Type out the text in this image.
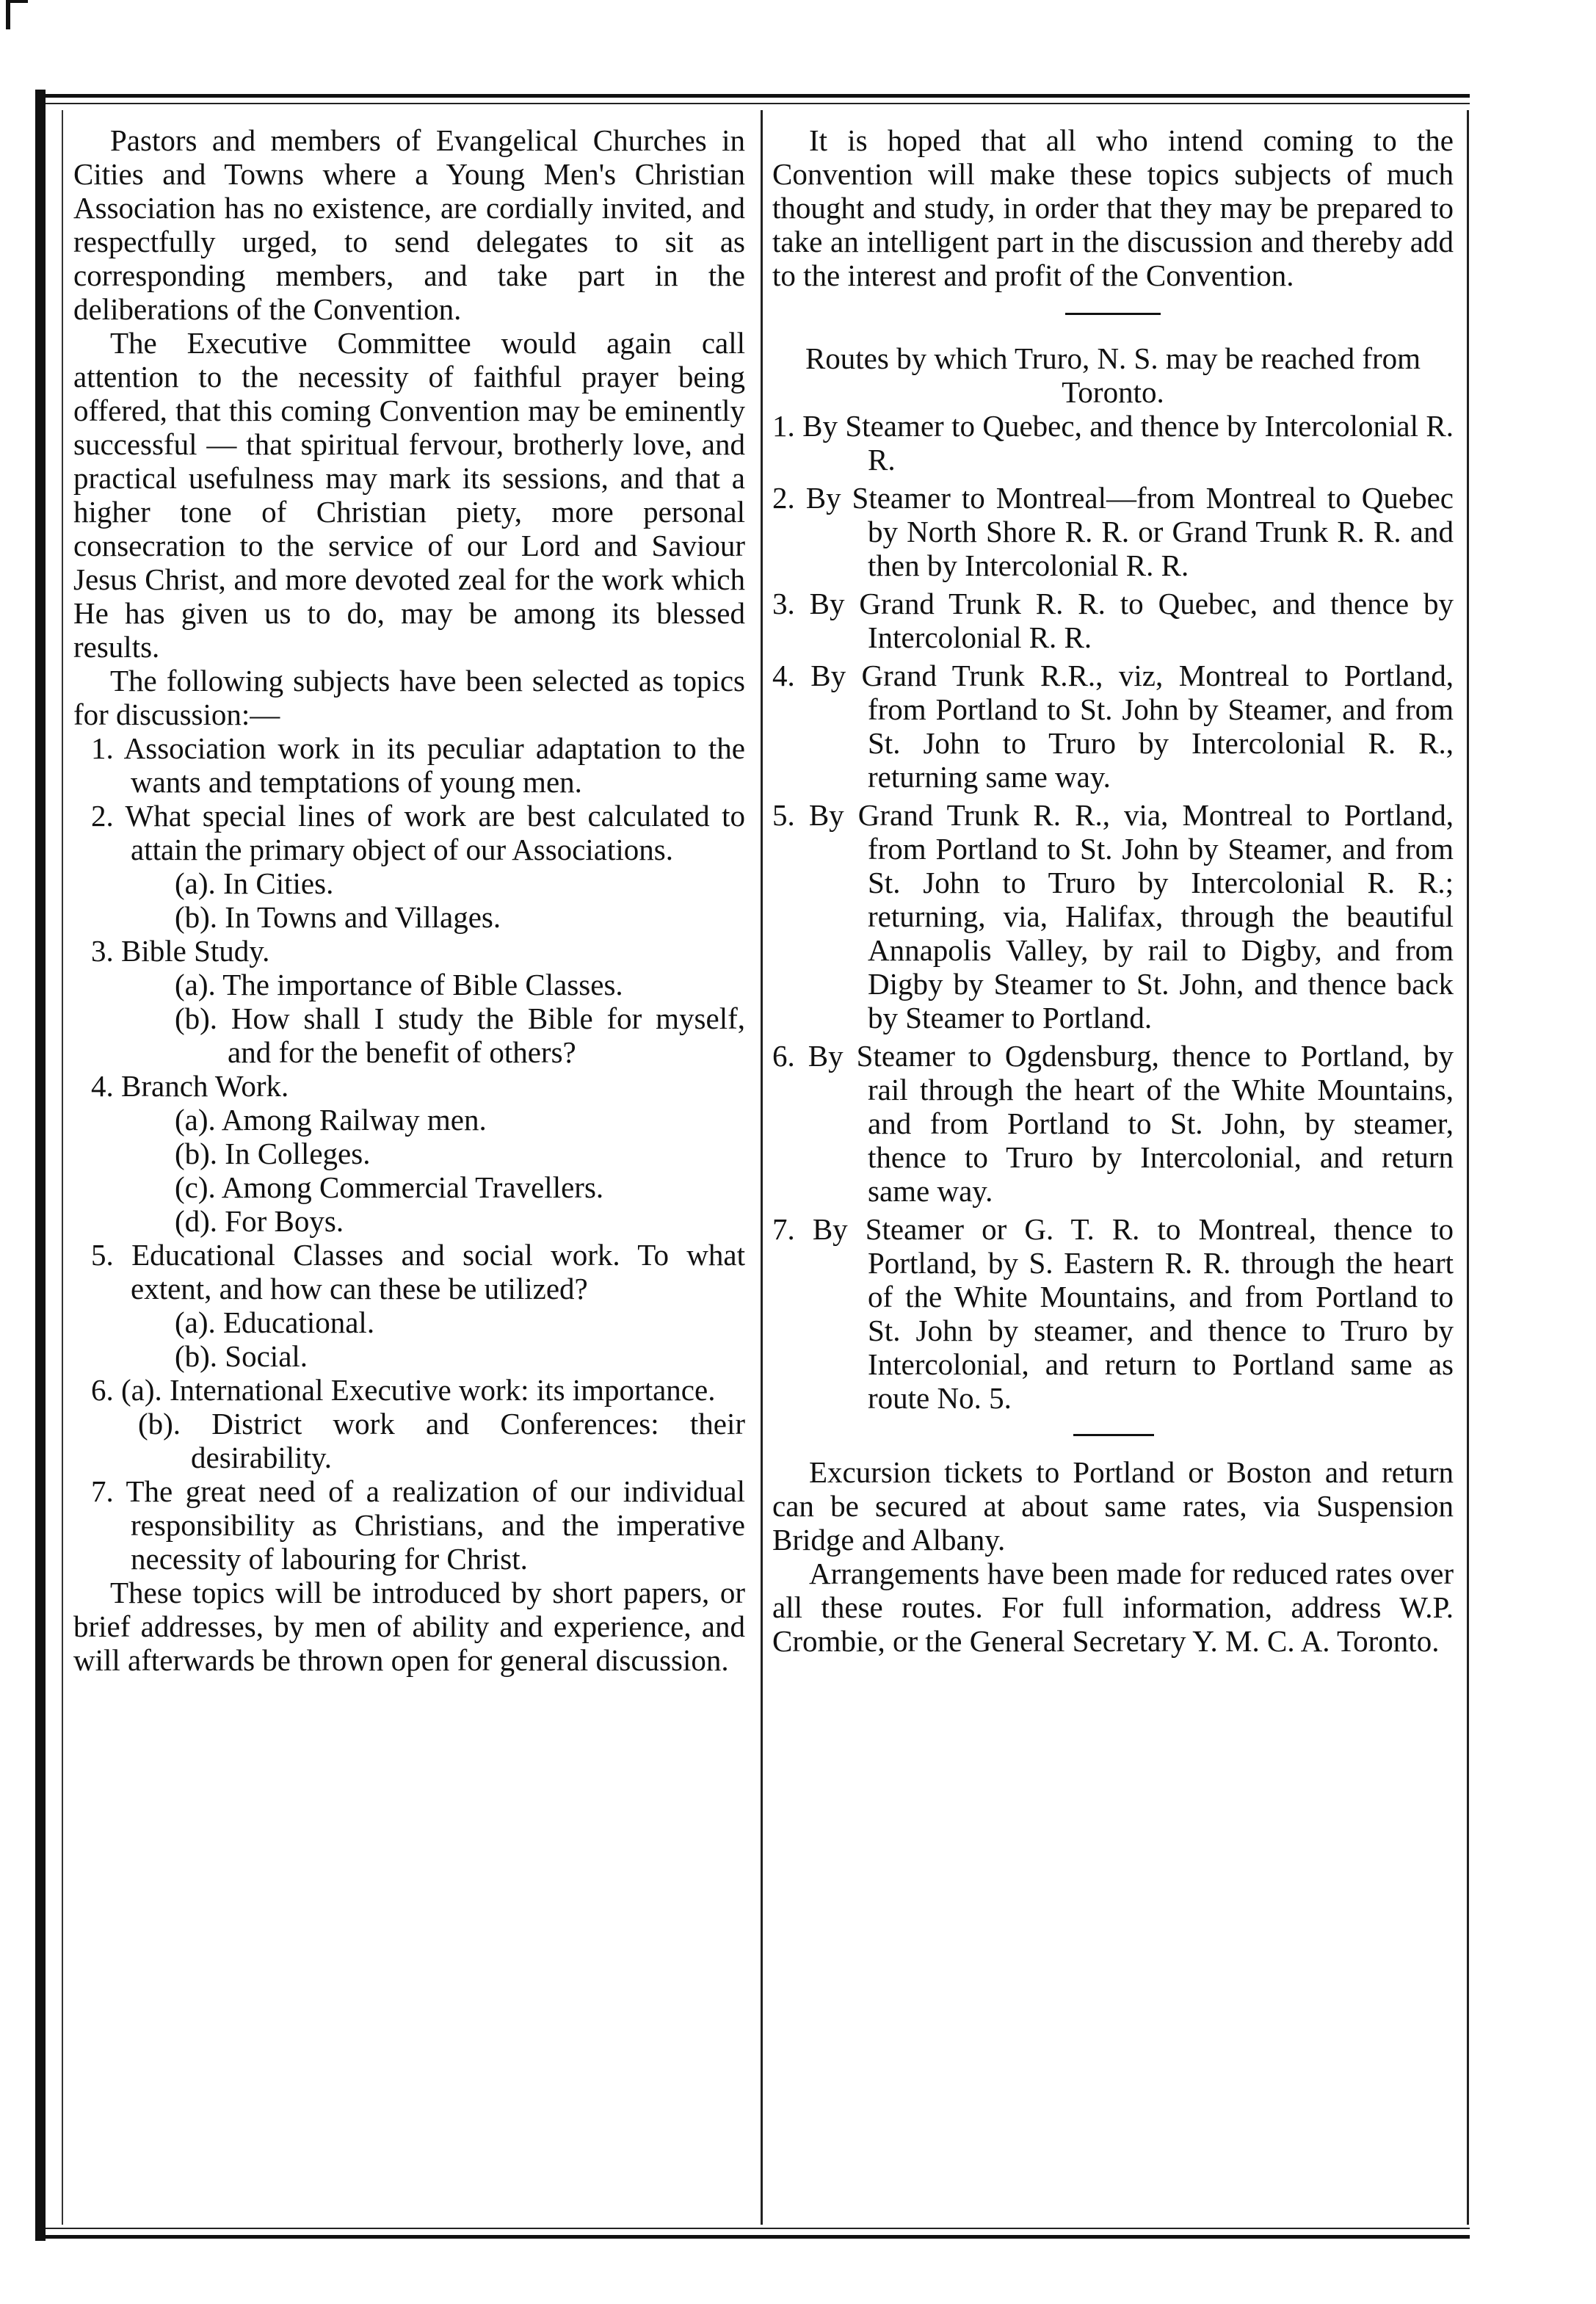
Pastors and members of Evangelical Churches in Cities and Towns where a Young Men's Christian Association has no existence, are cordially invited, and respectfully urged, to send delegates to sit as corresponding members, and take part in the deliberations of the Convention.

The Executive Committee would again call attention to the necessity of faithful prayer being offered, that this coming Convention may be eminently successful — that spiritual fervour, brotherly love, and practical usefulness may mark its sessions, and that a higher tone of Christian piety, more personal consecration to the service of our Lord and Saviour Jesus Christ, and more devoted zeal for the work which He has given us to do, may be among its blessed results.

The following subjects have been selected as topics for discussion:—

1. Association work in its peculiar adaptation to the wants and temptations of young men.

2. What special lines of work are best calculated to attain the primary object of our Associations.

(a). In Cities.

(b). In Towns and Villages.

3. Bible Study.

(a). The importance of Bible Classes.

(b). How shall I study the Bible for myself, and for the benefit of others?

4. Branch Work.

(a). Among Railway men.

(b). In Colleges.

(c). Among Commercial Travellers.

(d). For Boys.

5. Educational Classes and social work. To what extent, and how can these be utilized?

(a). Educational.

(b). Social.

6. (a). International Executive work: its importance.

(b). District work and Conferences: their desirability.

7. The great need of a realization of our individual responsibility as Christians, and the imperative necessity of labouring for Christ.

These topics will be introduced by short papers, or brief addresses, by men of ability and experience, and will afterwards be thrown open for general discussion.

It is hoped that all who intend coming to the Convention will make these topics subjects of much thought and study, in order that they may be prepared to take an intelligent part in the discussion and thereby add to the interest and profit of the Convention.

Routes by which Truro, N. S. may be reached from Toronto.

1. By Steamer to Quebec, and thence by Intercolonial R. R.

2. By Steamer to Montreal—from Montreal to Quebec by North Shore R. R. or Grand Trunk R. R. and then by Intercolonial R. R.

3. By Grand Trunk R. R. to Quebec, and thence by Intercolonial R. R.

4. By Grand Trunk R.R., viz, Montreal to Portland, from Portland to St. John by Steamer, and from St. John to Truro by Intercolonial R. R., returning same way.

5. By Grand Trunk R. R., via, Montreal to Portland, from Portland to St. John by Steamer, and from St. John to Truro by Intercolonial R. R.; returning, via, Halifax, through the beautiful Annapolis Valley, by rail to Digby, and from Digby by Steamer to St. John, and thence back by Steamer to Portland.

6. By Steamer to Ogdensburg, thence to Portland, by rail through the heart of the White Mountains, and from Portland to St. John, by steamer, thence to Truro by Intercolonial, and return same way.

7. By Steamer or G. T. R. to Montreal, thence to Portland, by S. Eastern R. R. through the heart of the White Mountains, and from Portland to St. John by steamer, and thence to Truro by Intercolonial, and return to Portland same as route No. 5.

Excursion tickets to Portland or Boston and return can be secured at about same rates, via Suspension Bridge and Albany.

Arrangements have been made for reduced rates over all these routes. For full information, address W.P. Crombie, or the General Secretary Y. M. C. A. Toronto.
